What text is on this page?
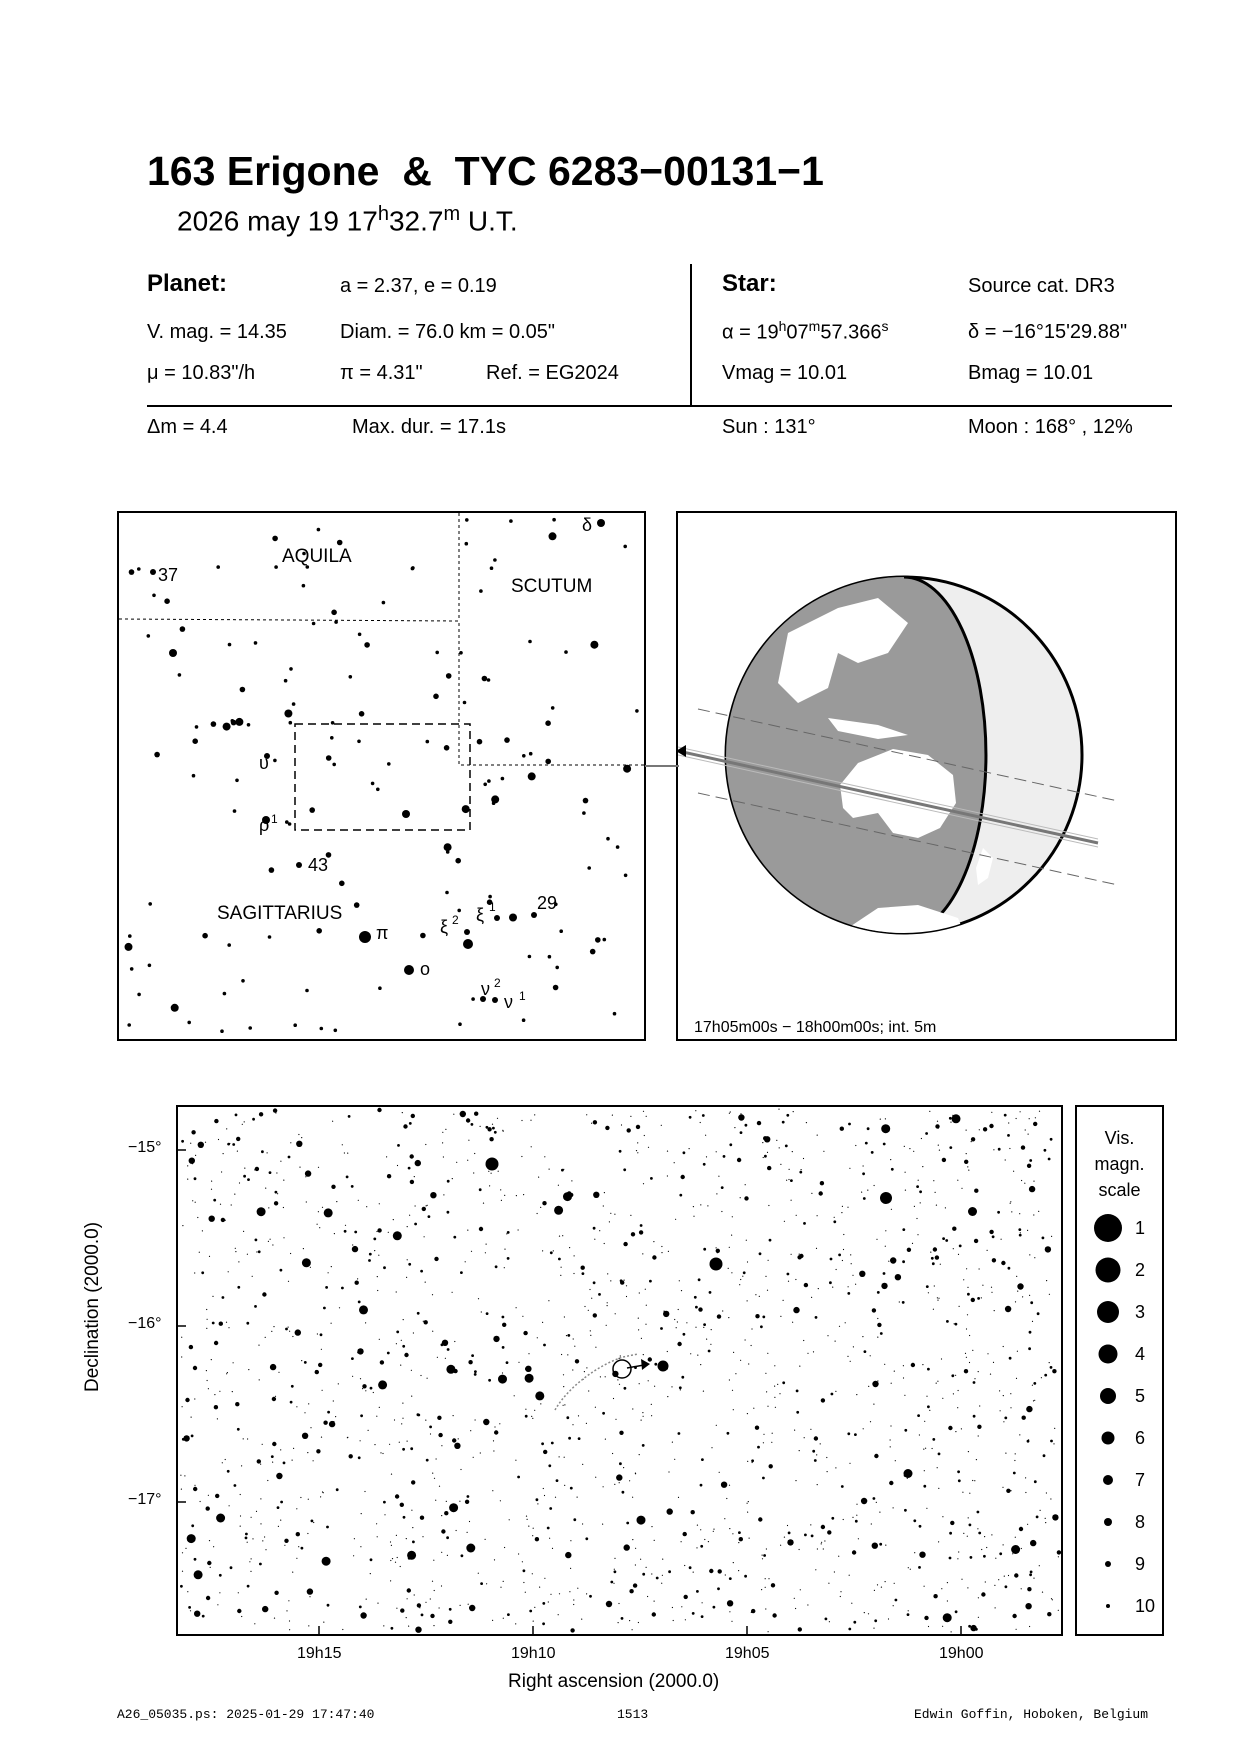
163 Erigone  &  TYC 6283−00131−1
2026 may 19 17$^h$32.7$^m$ U.T.
Planet:	a = 2.37, e = 0.19
V. mag. = 14.35	Diam. = 76.0 km = 0.05"
μ = 10.83"/h	π = 4.31"	Ref. = EG2024
Star:	Source cat. DR3
$\alpha = 19^h07^m57.366^s$	δ = −16°15'29.88"
Vmag = 10.01	Bmag = 10.01
Δm = 4.4	Max. dur. = 17.1s	Sun : 131°	Moon : 168° , 12%
AQUILA
SCUTUM
SAGITTARIUS
37
δ
υ
ρ 1
43
π
ο
ξ 2 ξ 1 29
ν 2
ν 1
17h05m00s − 18h00m00s; int. 5m
Declination (2000.0)
−15°
−16°
−17°
19h15	19h10	19h05	19h00
Right ascension (2000.0)
Vis.
magn.
scale
1
2
3
4
5
6
7
8
9
10
A26_05035.ps: 2025-01-29 17:47:40	1513	Edwin Goffin, Hoboken, Belgium
